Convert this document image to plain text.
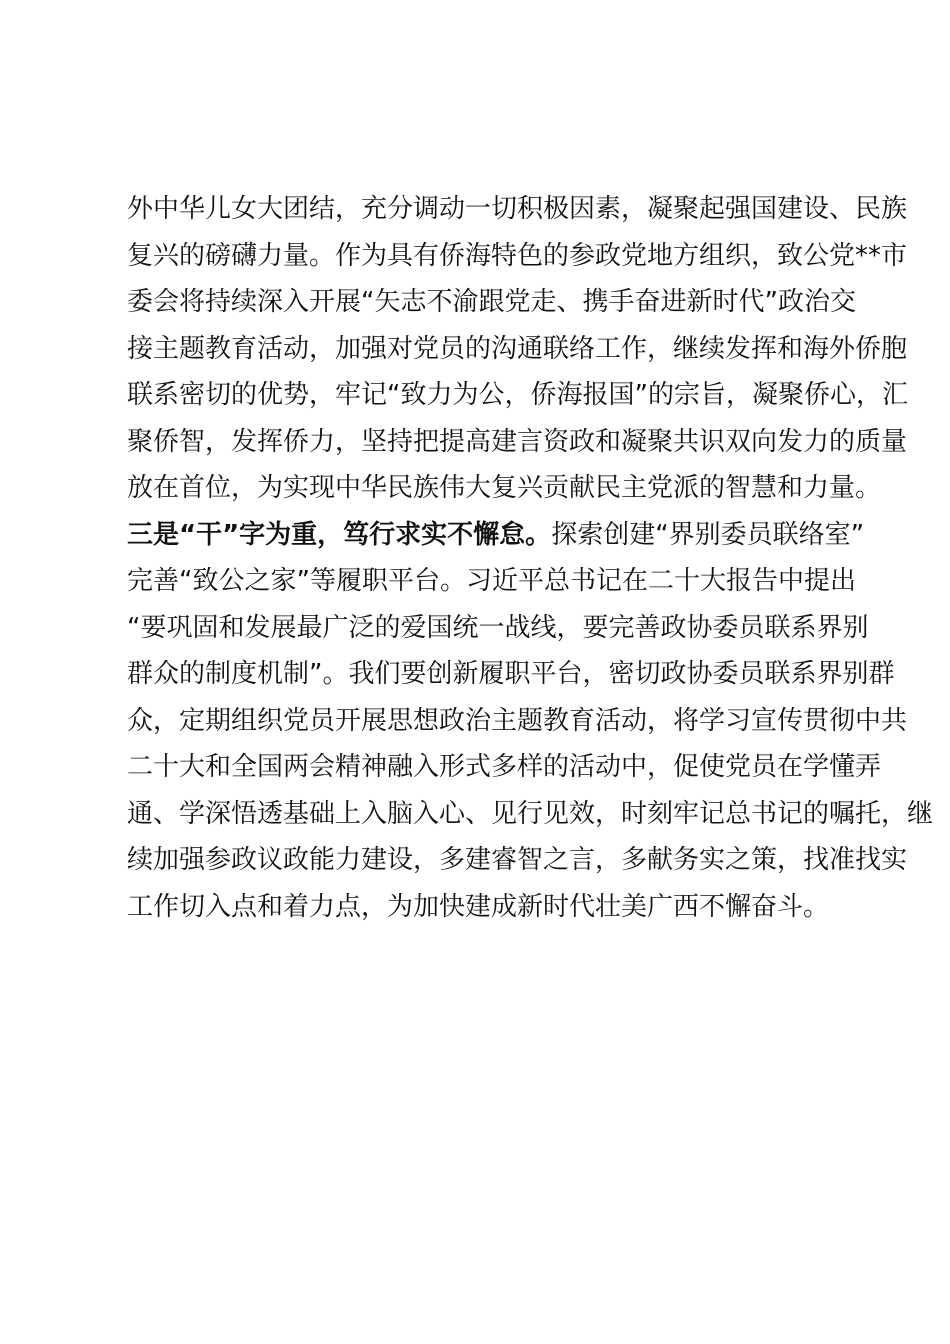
外中华儿女大团结，充分调动一切积极因素，凝聚起强国建设、民族
复兴的磅礴力量。作为具有侨海特色的参政党地方组织，致公党**市
委会将持续深入开展“矢志不渝跟党走、携手奋进新时代”政治交
接主题教育活动，加强对党员的沟通联络工作，继续发挥和海外侨胞
联系密切的优势，牢记“致力为公，侨海报国”的宗旨，凝聚侨心，汇
聚侨智，发挥侨力，坚持把提高建言资政和凝聚共识双向发力的质量
放在首位，为实现中华民族伟大复兴贡献民主党派的智慧和力量。
三是“干”字为重，笃行求实不懈怠。探索创建“界别委员联络室”
完善“致公之家”等履职平台。习近平总书记在二十大报告中提出
“要巩固和发展最广泛的爱国统一战线，要完善政协委员联系界别
群众的制度机制”。我们要创新履职平台，密切政协委员联系界别群
众，定期组织党员开展思想政治主题教育活动，将学习宣传贯彻中共
二十大和全国两会精神融入形式多样的活动中，促使党员在学懂弄
通、学深悟透基础上入脑入心、见行见效，时刻牢记总书记的嘱托，继
续加强参政议政能力建设，多建睿智之言，多献务实之策，找准找实
工作切入点和着力点，为加快建成新时代壮美广西不懈奋斗。
